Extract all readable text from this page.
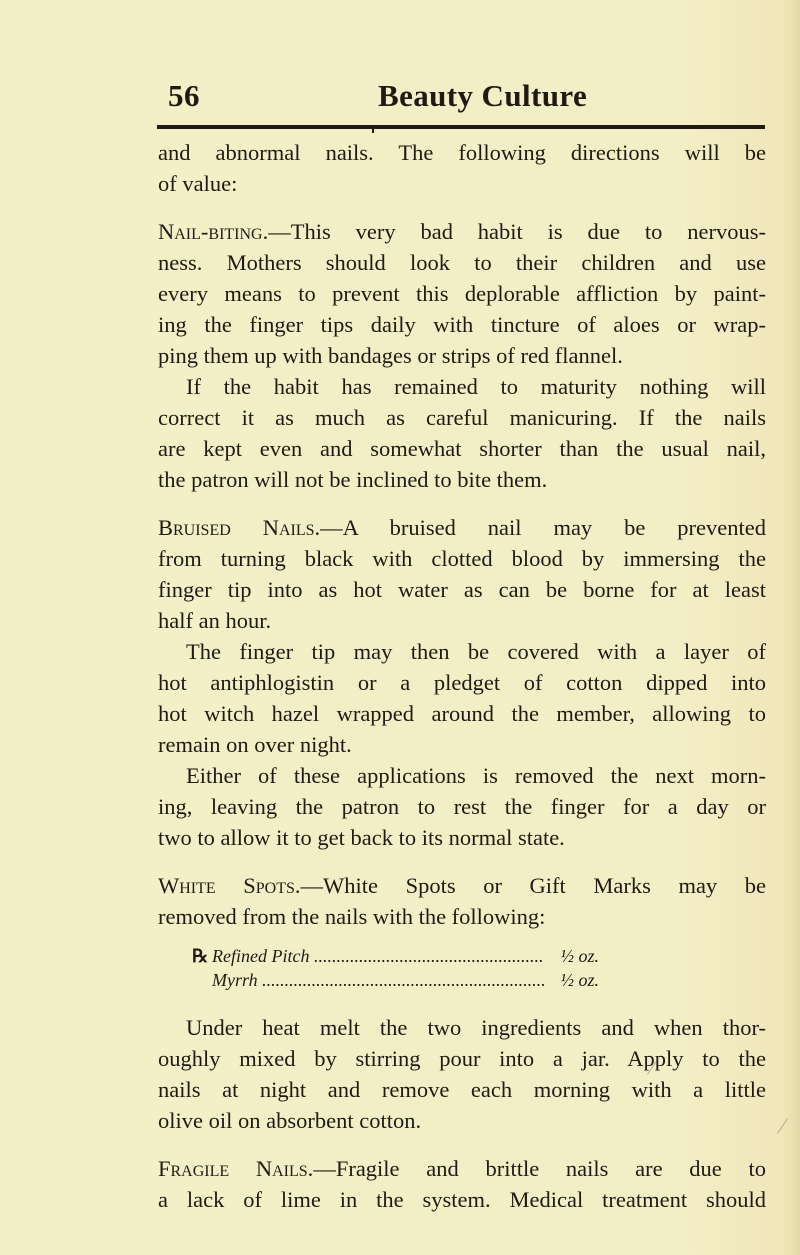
56	Beauty Culture

and abnormal nails. The following directions will be
of value:

Nail-biting.—This very bad habit is due to nervous-
ness. Mothers should look to their children and use
every means to prevent this deplorable affliction by paint-
ing the finger tips daily with tincture of aloes or wrap-
ping them up with bandages or strips of red flannel.

If the habit has remained to maturity nothing will
correct it as much as careful manicuring. If the nails
are kept even and somewhat shorter than the usual nail,
the patron will not be inclined to bite them.

Bruised Nails.—A bruised nail may be prevented
from turning black with clotted blood by immersing the
finger tip into as hot water as can be borne for at least
half an hour.

The finger tip may then be covered with a layer of
hot antiphlogistin or a pledget of cotton dipped into
hot witch hazel wrapped around the member, allowing to
remain on over night.

Either of these applications is removed the next morn-
ing, leaving the patron to rest the finger for a day or
two to allow it to get back to its normal state.

White Spots.—White Spots or Gift Marks may be
removed from the nails with the following:

℞ Refined Pitch .....	½ oz.
Myrrh .....	½ oz.

Under heat melt the two ingredients and when thor-
oughly mixed by stirring pour into a jar. Apply to the
nails at night and remove each morning with a little
olive oil on absorbent cotton.

Fragile Nails.—Fragile and brittle nails are due to
a lack of lime in the system. Medical treatment should
